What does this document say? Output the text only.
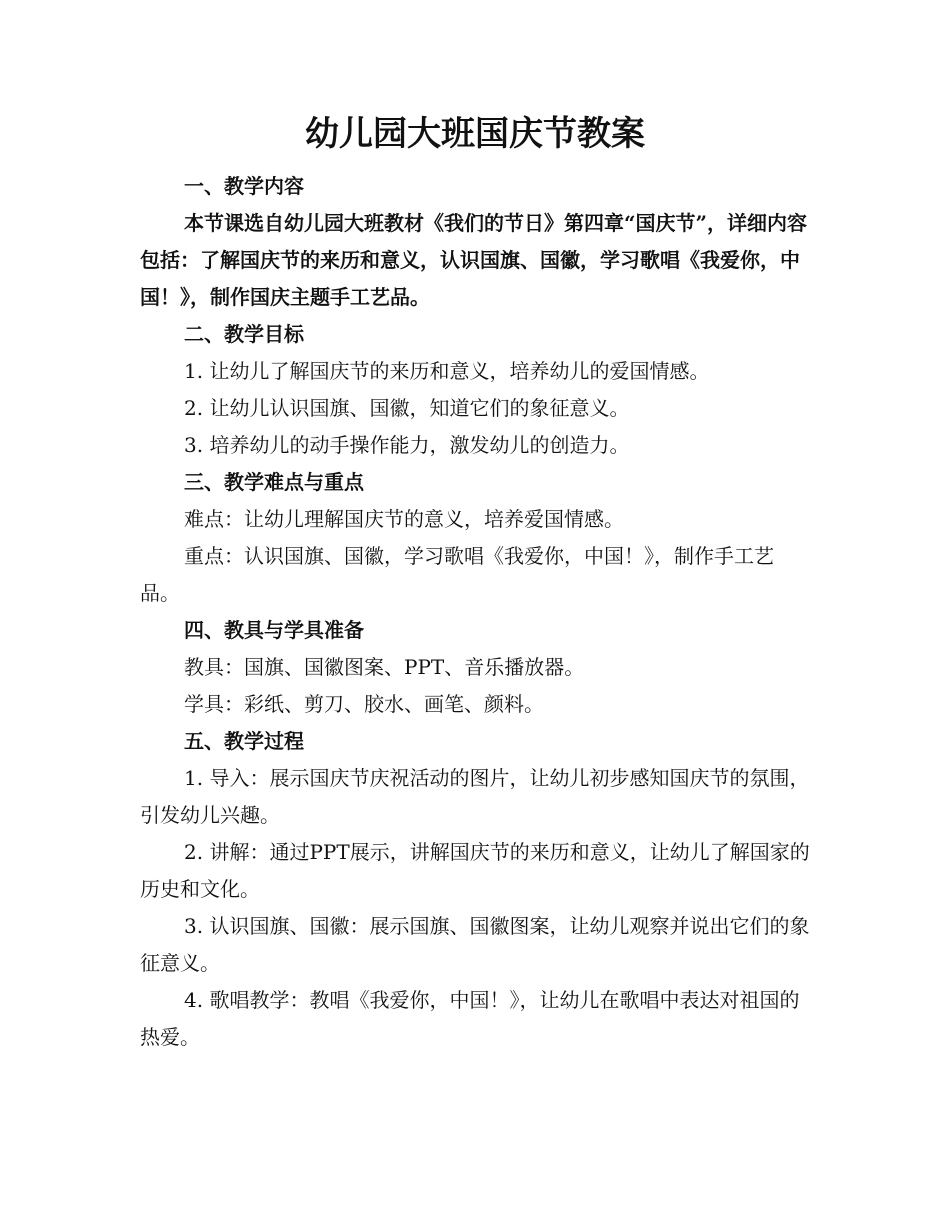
幼儿园大班国庆节教案
一、教学内容

本节课选自幼儿园大班教材《我们的节日》第四章“国庆节”，详细内容包括：了解国庆节的来历和意义，认识国旗、国徽，学习歌唱《我爱你，中国！》，制作国庆主题手工艺品。

二、教学目标

1. 让幼儿了解国庆节的来历和意义，培养幼儿的爱国情感。

2. 让幼儿认识国旗、国徽，知道它们的象征意义。

3. 培养幼儿的动手操作能力，激发幼儿的创造力。

三、教学难点与重点

难点：让幼儿理解国庆节的意义，培养爱国情感。

重点：认识国旗、国徽，学习歌唱《我爱你，中国！》，制作手工艺品。

四、教具与学具准备

教具：国旗、国徽图案、PPT、音乐播放器。

学具：彩纸、剪刀、胶水、画笔、颜料。

五、教学过程

1. 导入：展示国庆节庆祝活动的图片，让幼儿初步感知国庆节的氛围，引发幼儿兴趣。

2. 讲解：通过PPT展示，讲解国庆节的来历和意义，让幼儿了解国家的历史和文化。

3. 认识国旗、国徽：展示国旗、国徽图案，让幼儿观察并说出它们的象征意义。

4. 歌唱教学：教唱《我爱你，中国！》，让幼儿在歌唱中表达对祖国的热爱。
